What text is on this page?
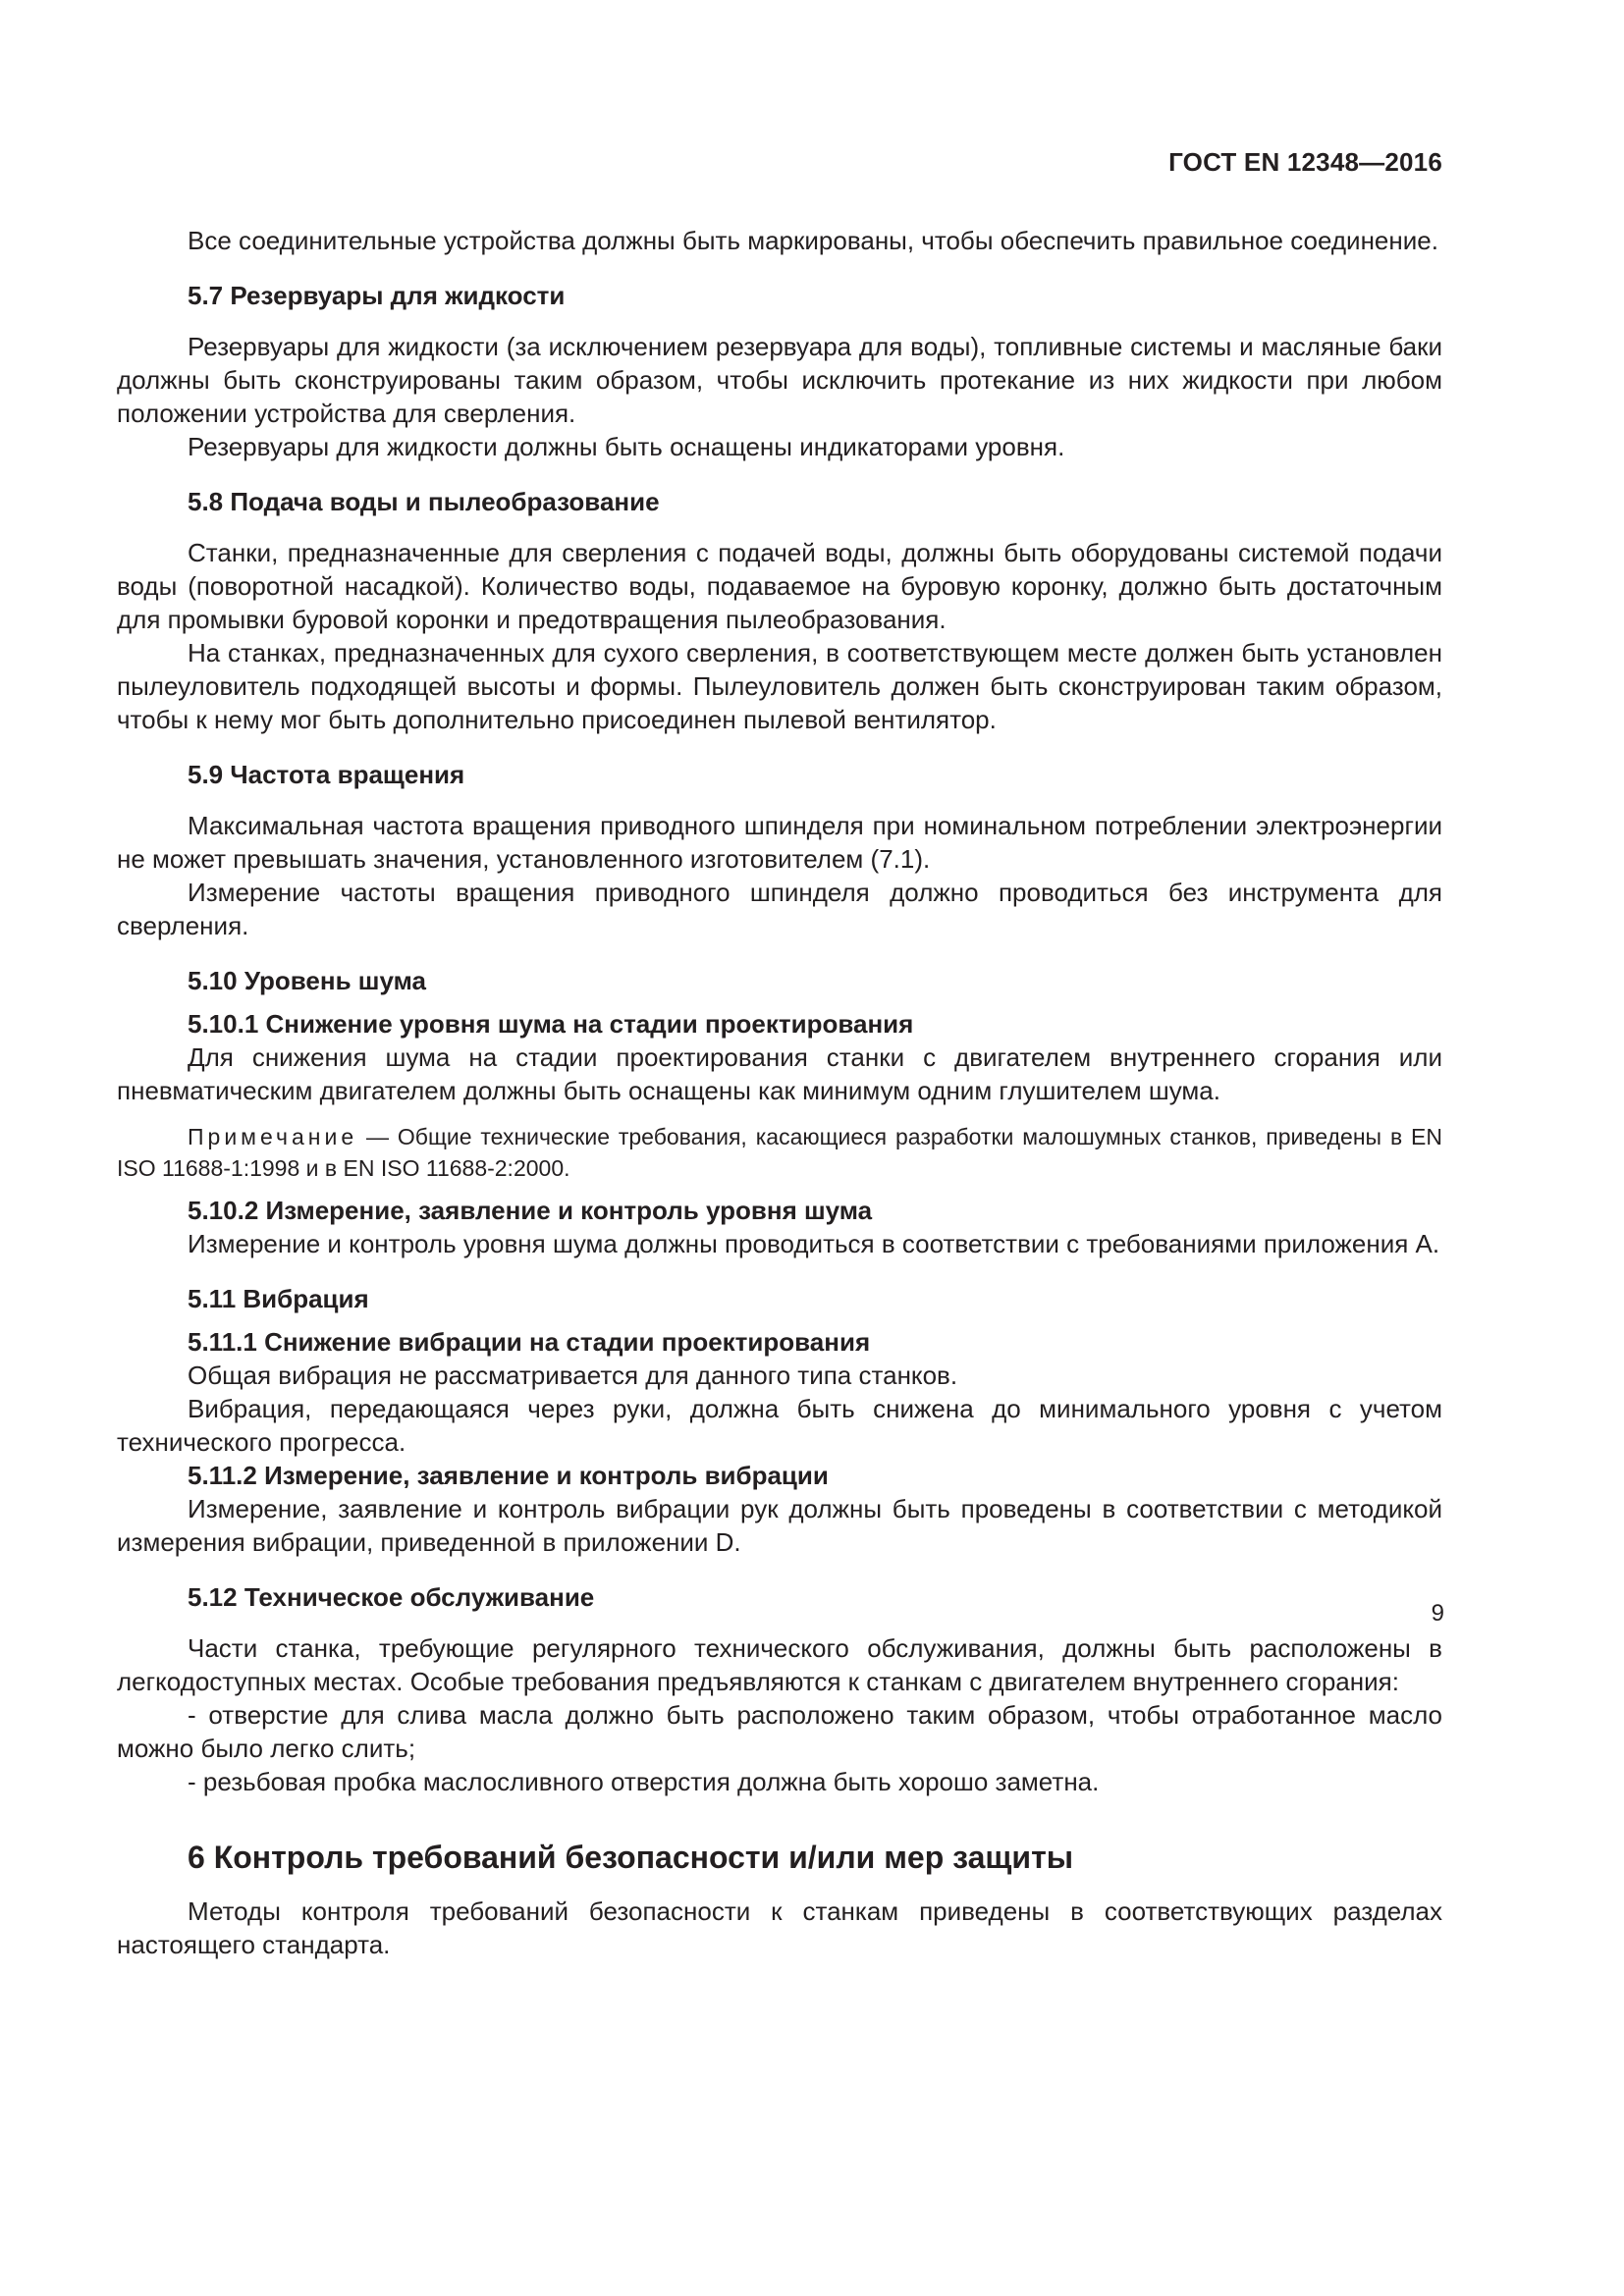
ГОСТ EN 12348—2016

Все соединительные устройства должны быть маркированы, чтобы обеспечить правильное соединение.

5.7 Резервуары для жидкости

Резервуары для жидкости (за исключением резервуара для воды), топливные системы и масляные баки должны быть сконструированы таким образом, чтобы исключить протекание из них жидкости при любом положении устройства для сверления.

Резервуары для жидкости должны быть оснащены индикаторами уровня.

5.8 Подача воды и пылеобразование

Станки, предназначенные для сверления с подачей воды, должны быть оборудованы системой подачи воды (поворотной насадкой). Количество воды, подаваемое на буровую коронку, должно быть достаточным для промывки буровой коронки и предотвращения пылеобразования.

На станках, предназначенных для сухого сверления, в соответствующем месте должен быть установлен пылеуловитель подходящей высоты и формы. Пылеуловитель должен быть сконструирован таким образом, чтобы к нему мог быть дополнительно присоединен пылевой вентилятор.

5.9 Частота вращения

Максимальная частота вращения приводного шпинделя при номинальном потреблении электроэнергии не может превышать значения, установленного изготовителем (7.1).

Измерение частоты вращения приводного шпинделя должно проводиться без инструмента для сверления.

5.10 Уровень шума

5.10.1 Снижение уровня шума на стадии проектирования

Для снижения шума на стадии проектирования станки с двигателем внутреннего сгорания или пневматическим двигателем должны быть оснащены как минимум одним глушителем шума.

Примечание — Общие технические требования, касающиеся разработки малошумных станков, приведены в EN ISO 11688-1:1998 и в EN ISO 11688-2:2000.

5.10.2 Измерение, заявление и контроль уровня шума

Измерение и контроль уровня шума должны проводиться в соответствии с требованиями приложения А.

5.11 Вибрация

5.11.1 Снижение вибрации на стадии проектирования

Общая вибрация не рассматривается для данного типа станков.

Вибрация, передающаяся через руки, должна быть снижена до минимального уровня с учетом технического прогресса.

5.11.2 Измерение, заявление и контроль вибрации

Измерение, заявление и контроль вибрации рук должны быть проведены в соответствии с методикой измерения вибрации, приведенной в приложении D.

5.12 Техническое обслуживание

Части станка, требующие регулярного технического обслуживания, должны быть расположены в легкодоступных местах. Особые требования предъявляются к станкам с двигателем внутреннего сгорания:

- отверстие для слива масла должно быть расположено таким образом, чтобы отработанное масло можно было легко слить;

- резьбовая пробка маслосливного отверстия должна быть хорошо заметна.

6 Контроль требований безопасности и/или мер защиты

Методы контроля требований безопасности к станкам приведены в соответствующих разделах настоящего стандарта.

9
